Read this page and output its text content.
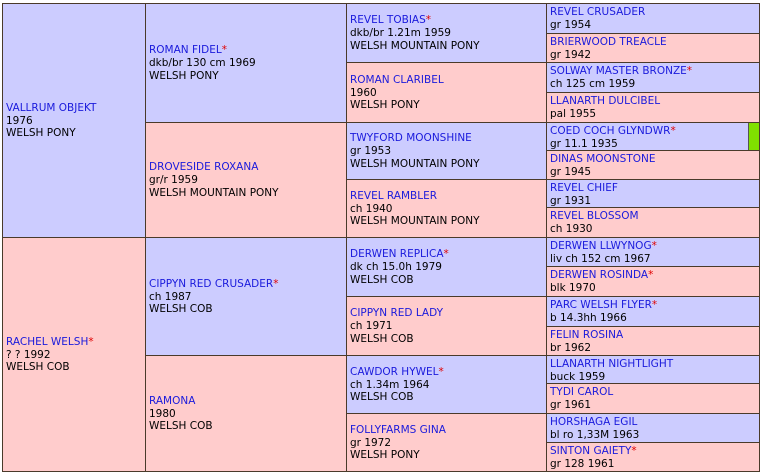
VALLRUM OBJEKT
1976
WELSH PONY
RACHEL WELSH*
? ? 1992
WELSH COB
ROMAN FIDEL*
dkb/br 130 cm 1969
WELSH PONY
DROVESIDE ROXANA
gr/r 1959
WELSH MOUNTAIN PONY
CIPPYN RED CRUSADER*
ch 1987
WELSH COB
RAMONA
1980
WELSH COB
REVEL TOBIAS*
dkb/br 1.21m 1959
WELSH MOUNTAIN PONY
ROMAN CLARIBEL
1960
WELSH PONY
TWYFORD MOONSHINE
gr 1953
WELSH MOUNTAIN PONY
REVEL RAMBLER
ch 1940
WELSH MOUNTAIN PONY
DERWEN REPLICA*
dk ch 15.0h 1979
WELSH COB
CIPPYN RED LADY
ch 1971
WELSH COB
CAWDOR HYWEL*
ch 1.34m 1964
WELSH COB
FOLLYFARMS GINA
gr 1972
WELSH PONY
REVEL CRUSADER
gr 1954
BRIERWOOD TREACLE
gr 1942
SOLWAY MASTER BRONZE*
ch 125 cm 1959
LLANARTH DULCIBEL
pal 1955
COED COCH GLYNDWR*
gr 11.1 1935
DINAS MOONSTONE
gr 1945
REVEL CHIEF
gr 1931
REVEL BLOSSOM
ch 1930
DERWEN LLWYNOG*
liv ch 152 cm 1967
DERWEN ROSINDA*
blk 1970
PARC WELSH FLYER*
b 14.3hh 1966
FELIN ROSINA
br 1962
LLANARTH NIGHTLIGHT
buck 1959
TYDI CAROL
gr 1961
HORSHAGA EGIL
bl ro 1,33M 1963
SINTON GAIETY*
gr 128 1961
